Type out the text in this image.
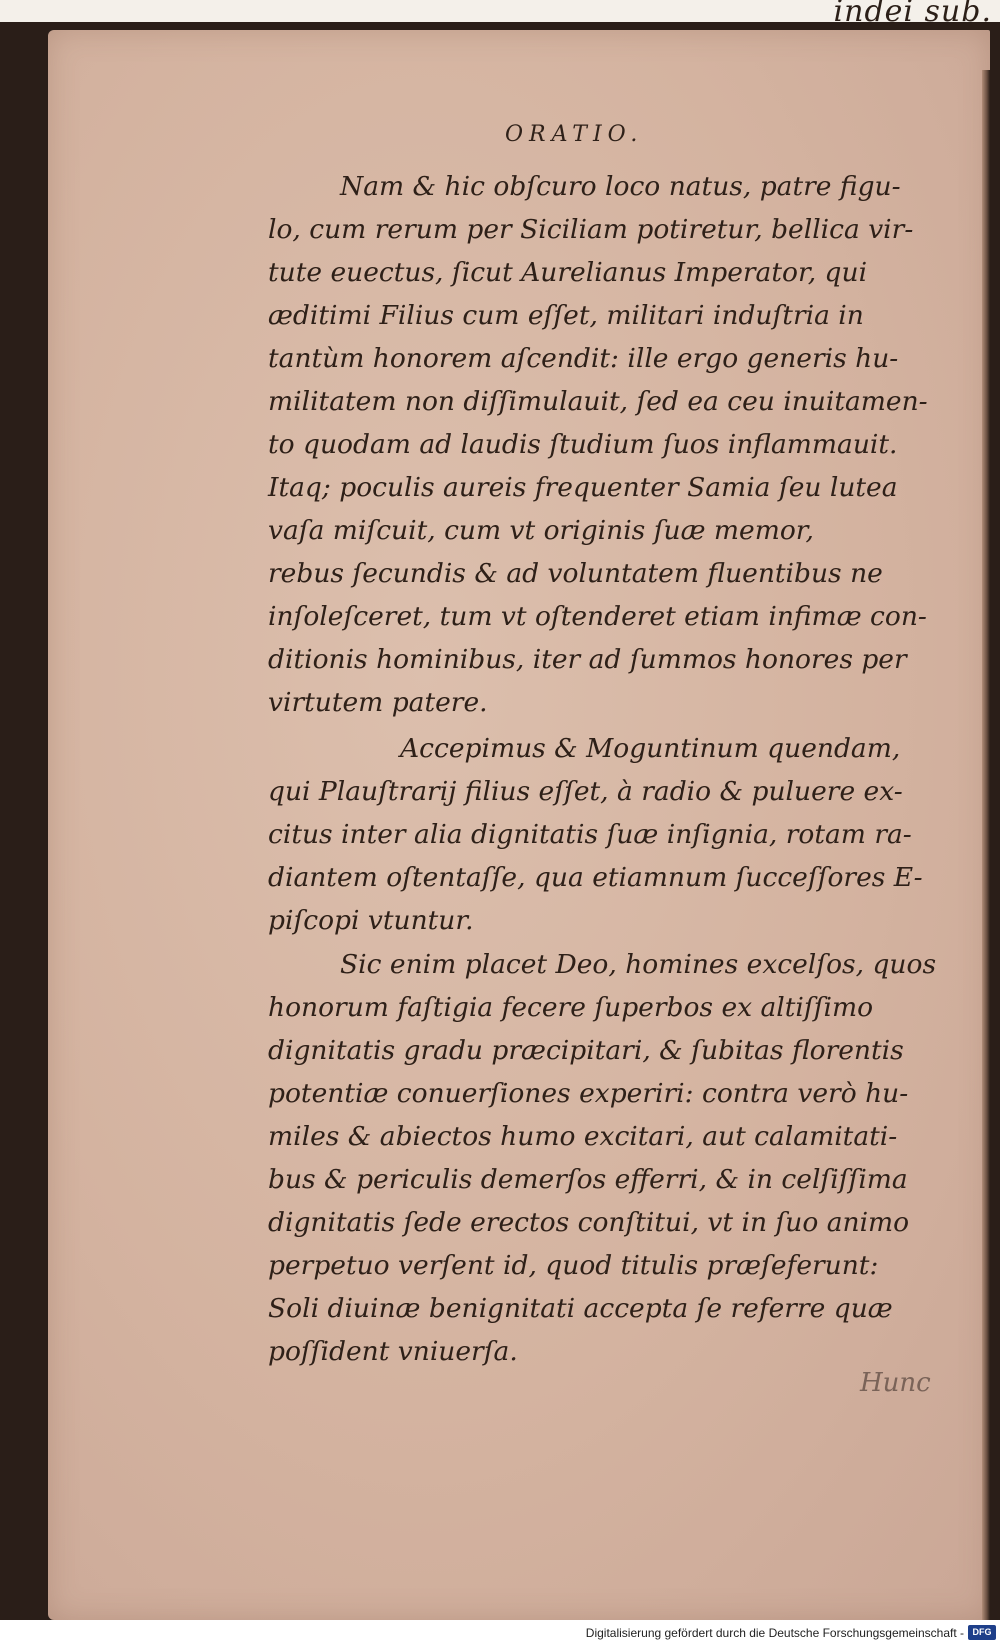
indei sub.
ORATIO.
Nam & hic obſcuro loco natus, patre figu-
lo, cum rerum per Siciliam potiretur, bellica vir-
tute euectus, ſicut Aurelianus Imperator, qui
æditimi Filius cum eſſet, militari induſtria in
tantùm honorem aſcendit: ille ergo generis hu-
militatem non diſſimulauit, ſed ea ceu inuitamen-
to quodam ad laudis ſtudium ſuos inflammauit.
Itaq; poculis aureis frequenter Samia ſeu lutea
vaſa miſcuit, cum vt originis ſuæ memor,
rebus ſecundis & ad voluntatem fluentibus ne
inſoleſceret, tum vt oſtenderet etiam infimæ con-
ditionis hominibus, iter ad ſummos honores per
virtutem patere.
Accepimus & Moguntinum quendam,
qui Plauſtrarij filius eſſet, à radio & puluere ex-
citus inter alia dignitatis ſuæ inſignia, rotam ra-
diantem oſtentaſſe, qua etiamnum ſucceſſores E-
piſcopi vtuntur.
Sic enim placet Deo, homines excelſos, quos
honorum faſtigia fecere ſuperbos ex altiſſimo
dignitatis gradu præcipitari, & ſubitas florentis
potentiæ conuerſiones experiri: contra verò hu-
miles & abiectos humo excitari, aut calamitati-
bus & periculis demerſos efferri, & in celſiſſima
dignitatis ſede erectos conſtitui, vt in ſuo animo
perpetuo verſent id, quod titulis præſeferunt:
Soli diuinæ benignitati accepta ſe referre quæ
poſſident vniuerſa.
Hunc
Digitalisierung gefördert durch die Deutsche Forschungsgemeinschaft - DFG
